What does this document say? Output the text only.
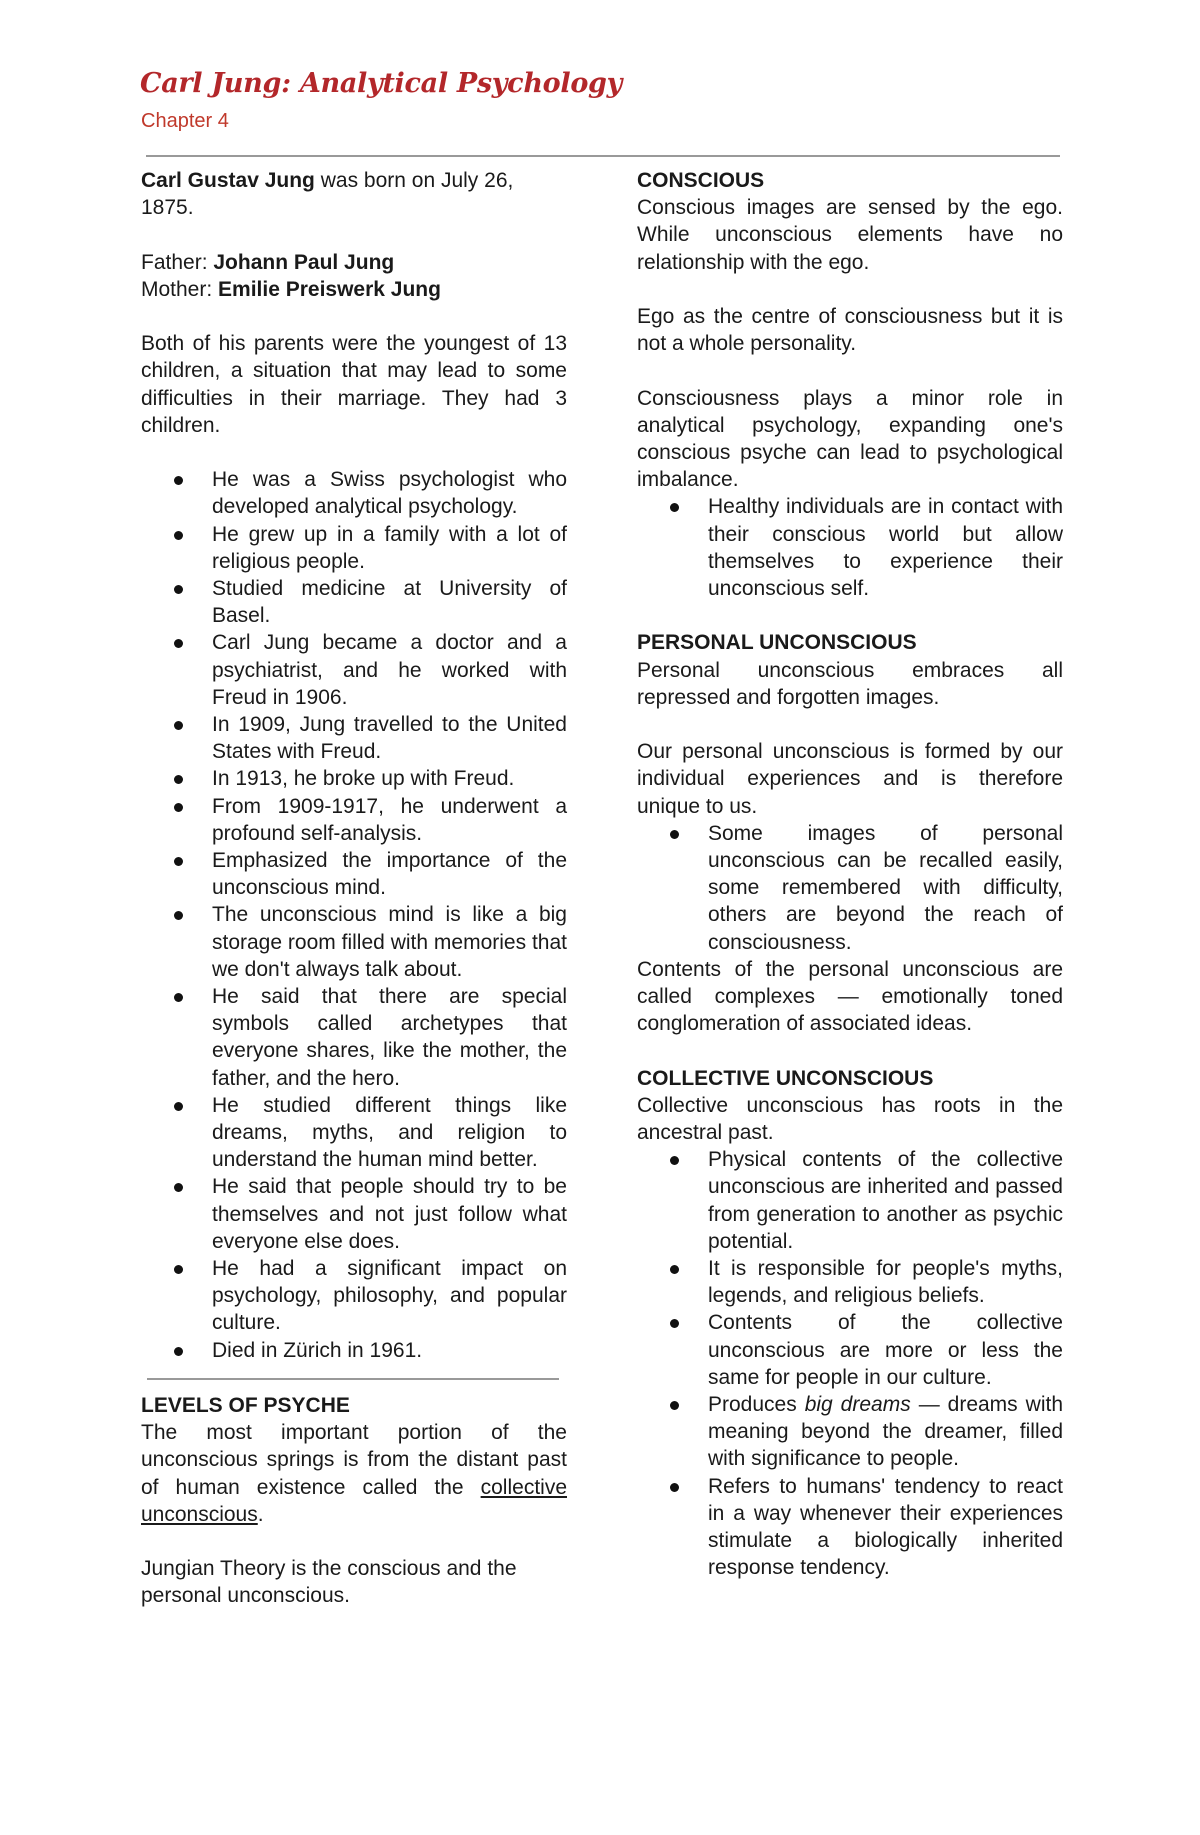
Carl Jung: Analytical Psychology
Chapter 4

Carl Gustav Jung was born on July 26, 1875.

Father: Johann Paul Jung

Mother: Emilie Preiswerk Jung

Both of his parents were the youngest of 13 children, a situation that may lead to some difficulties in their marriage. They had 3 children.

He was a Swiss psychologist who developed analytical psychology.
He grew up in a family with a lot of religious people.
Studied medicine at University of Basel.
Carl Jung became a doctor and a psychiatrist, and he worked with Freud in 1906.
In 1909, Jung travelled to the United States with Freud.
In 1913, he broke up with Freud.
From 1909-1917, he underwent a profound self-analysis.
Emphasized the importance of the unconscious mind.
The unconscious mind is like a big storage room filled with memories that we don't always talk about.
He said that there are special symbols called archetypes that everyone shares, like the mother, the father, and the hero.
He studied different things like dreams, myths, and religion to understand the human mind better.
He said that people should try to be themselves and not just follow what everyone else does.
He had a significant impact on psychology, philosophy, and popular culture.
Died in Zürich in 1961.
LEVELS OF PSYCHE

The most important portion of the unconscious springs is from the distant past of human existence called the collective unconscious.

Jungian Theory is the conscious and the personal unconscious.

CONSCIOUS

Conscious images are sensed by the ego. While unconscious elements have no relationship with the ego.

Ego as the centre of consciousness but it is not a whole personality.

Consciousness plays a minor role in analytical psychology, expanding one's conscious psyche can lead to psychological imbalance.

Healthy individuals are in contact with their conscious world but allow themselves to experience their unconscious self.
PERSONAL UNCONSCIOUS

Personal unconscious embraces all repressed and forgotten images.

Our personal unconscious is formed by our individual experiences and is therefore unique to us.

Some images of personal unconscious can be recalled easily, some remembered with difficulty, others are beyond the reach of consciousness.

Contents of the personal unconscious are called complexes — emotionally toned conglomeration of associated ideas.

COLLECTIVE UNCONSCIOUS

Collective unconscious has roots in the ancestral past.

Physical contents of the collective unconscious are inherited and passed from generation to another as psychic potential.
It is responsible for people's myths, legends, and religious beliefs.
Contents of the collective unconscious are more or less the same for people in our culture.
Produces big dreams — dreams with meaning beyond the dreamer, filled with significance to people.
Refers to humans' tendency to react in a way whenever their experiences stimulate a biologically inherited response tendency.
